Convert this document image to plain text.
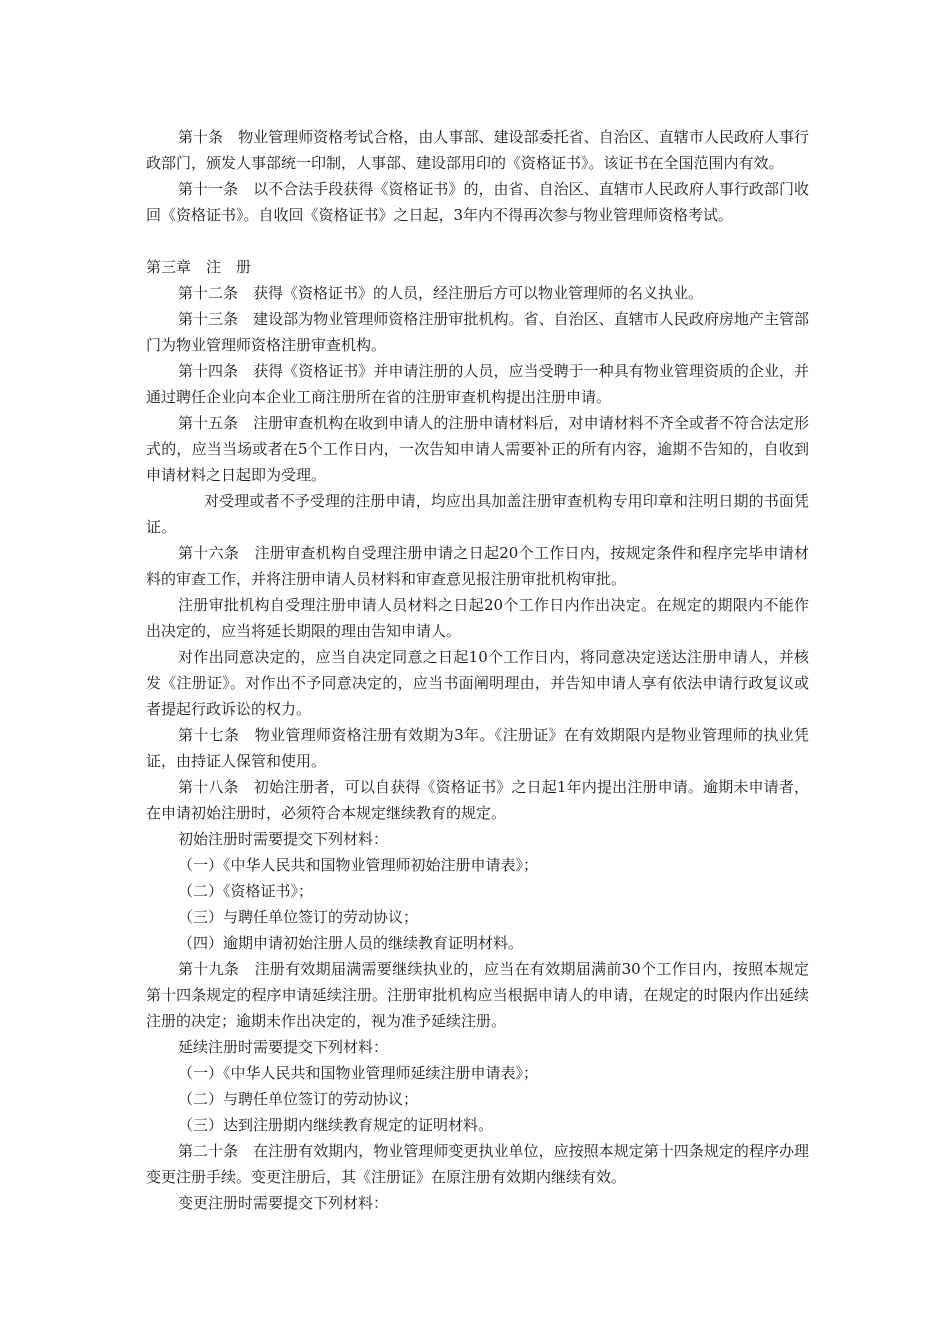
第十条　物业管理师资格考试合格，由人事部、建设部委托省、自治区、直辖市人民政府人事行政部门，颁发人事部统一印制，人事部、建设部用印的《资格证书》。该证书在全国范围内有效。

第十一条　以不合法手段获得《资格证书》的，由省、自治区、直辖市人民政府人事行政部门收回《资格证书》。自收回《资格证书》之日起，3年内不得再次参与物业管理师资格考试。

第三章　注　册

第十二条　获得《资格证书》的人员，经注册后方可以物业管理师的名义执业。

第十三条　建设部为物业管理师资格注册审批机构。省、自治区、直辖市人民政府房地产主管部门为物业管理师资格注册审查机构。

第十四条　获得《资格证书》并申请注册的人员，应当受聘于一种具有物业管理资质的企业，并通过聘任企业向本企业工商注册所在省的注册审查机构提出注册申请。

第十五条　注册审查机构在收到申请人的注册申请材料后，对申请材料不齐全或者不符合法定形式的，应当当场或者在5个工作日内，一次告知申请人需要补正的所有内容，逾期不告知的，自收到申请材料之日起即为受理。

对受理或者不予受理的注册申请，均应出具加盖注册审查机构专用印章和注明日期的书面凭证。

第十六条　注册审查机构自受理注册申请之日起20个工作日内，按规定条件和程序完毕申请材料的审查工作，并将注册申请人员材料和审查意见报注册审批机构审批。

注册审批机构自受理注册申请人员材料之日起20个工作日内作出决定。在规定的期限内不能作出决定的，应当将延长期限的理由告知申请人。

对作出同意决定的，应当自决定同意之日起10个工作日内，将同意决定送达注册申请人，并核发《注册证》。对作出不予同意决定的，应当书面阐明理由，并告知申请人享有依法申请行政复议或者提起行政诉讼的权力。

第十七条　物业管理师资格注册有效期为3年。《注册证》在有效期限内是物业管理师的执业凭证，由持证人保管和使用。

第十八条　初始注册者，可以自获得《资格证书》之日起1年内提出注册申请。逾期未申请者，在申请初始注册时，必须符合本规定继续教育的规定。

初始注册时需要提交下列材料：

（一）《中华人民共和国物业管理师初始注册申请表》；

（二）《资格证书》；

（三）与聘任单位签订的劳动协议；

（四）逾期申请初始注册人员的继续教育证明材料。

第十九条　注册有效期届满需要继续执业的，应当在有效期届满前30个工作日内，按照本规定第十四条规定的程序申请延续注册。注册审批机构应当根据申请人的申请，在规定的时限内作出延续注册的决定；逾期未作出决定的，视为准予延续注册。

延续注册时需要提交下列材料：

（一）《中华人民共和国物业管理师延续注册申请表》；

（二）与聘任单位签订的劳动协议；

（三）达到注册期内继续教育规定的证明材料。

第二十条　在注册有效期内，物业管理师变更执业单位，应按照本规定第十四条规定的程序办理变更注册手续。变更注册后，其《注册证》在原注册有效期内继续有效。

变更注册时需要提交下列材料：
